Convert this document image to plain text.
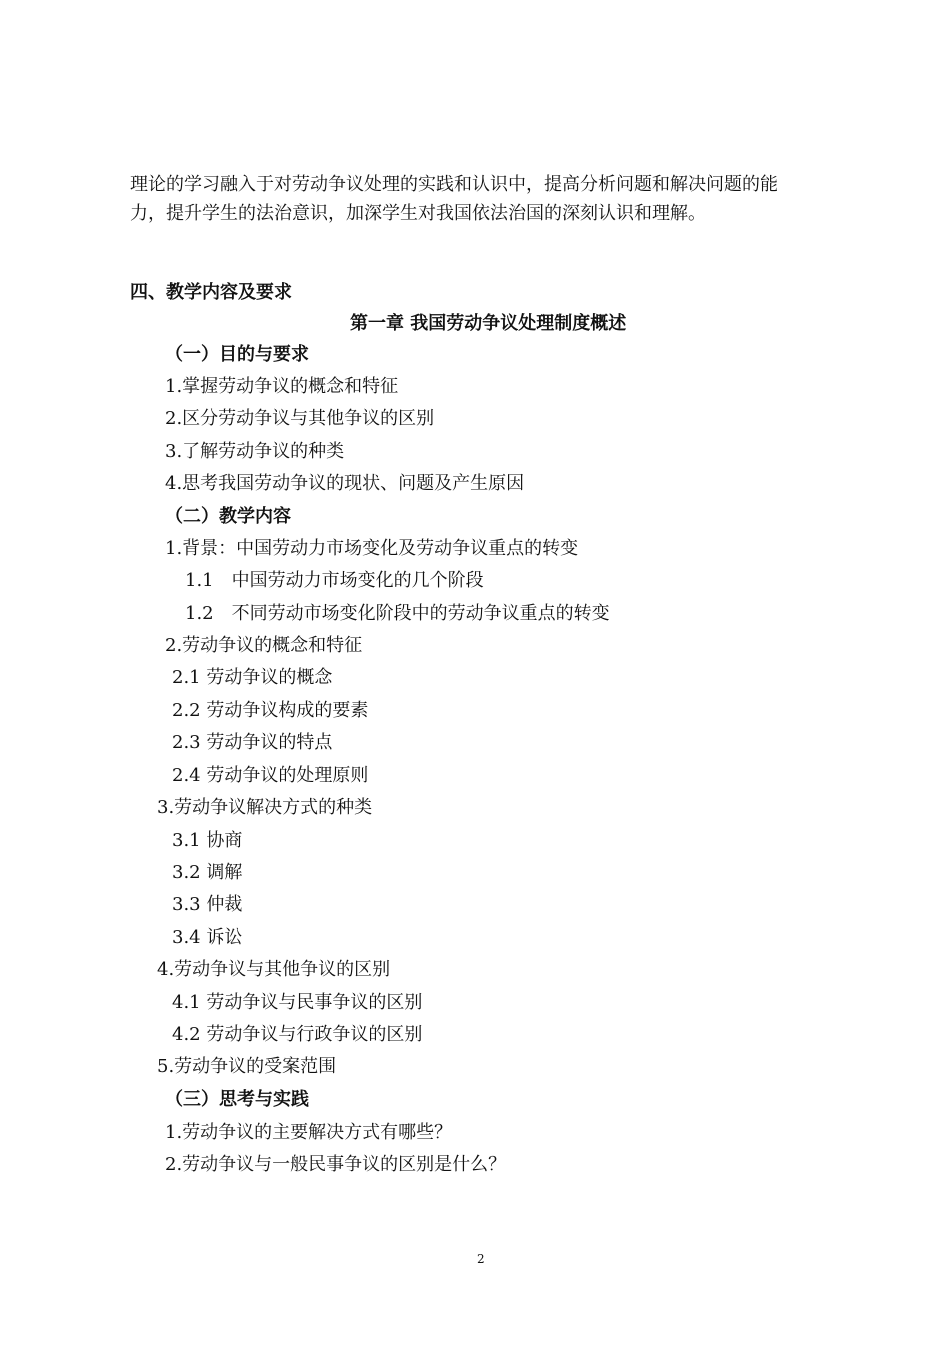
理论的学习融入于对劳动争议处理的实践和认识中，提高分析问题和解决问题的能
力，提升学生的法治意识，加深学生对我国依法治国的深刻认识和理解。
四、教学内容及要求
第一章 我国劳动争议处理制度概述
（一）目的与要求
1.掌握劳动争议的概念和特征
2.区分劳动争议与其他争议的区别
3.了解劳动争议的种类
4.思考我国劳动争议的现状、问题及产生原因
（二）教学内容
1.背景：中国劳动力市场变化及劳动争议重点的转变
1.1　中国劳动力市场变化的几个阶段
1.2　不同劳动市场变化阶段中的劳动争议重点的转变
2.劳动争议的概念和特征
2.1 劳动争议的概念
2.2 劳动争议构成的要素
2.3 劳动争议的特点
2.4 劳动争议的处理原则
3.劳动争议解决方式的种类
3.1 协商
3.2 调解
3.3 仲裁
3.4 诉讼
4.劳动争议与其他争议的区别
4.1 劳动争议与民事争议的区别
4.2 劳动争议与行政争议的区别
5.劳动争议的受案范围
（三）思考与实践
1.劳动争议的主要解决方式有哪些？
2.劳动争议与一般民事争议的区别是什么？
2
